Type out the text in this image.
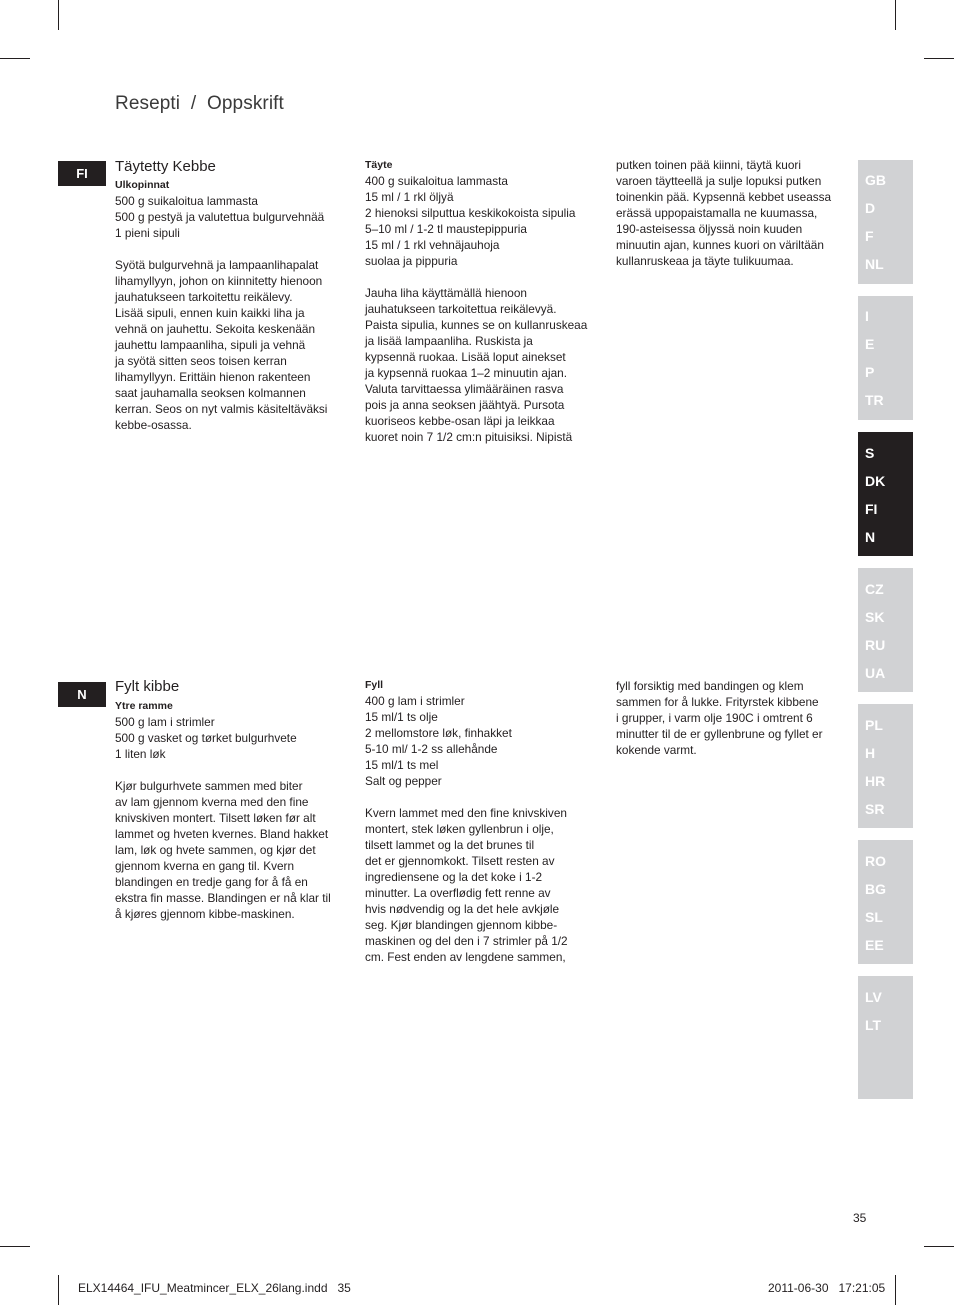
Resepti  /  Oppskrift
FI	Täytetty Kebbe
Ulkopinnat
500 g suikaloitua lammasta
500 g pestyä ja valutettua bulgurvehnää
1 pieni sipuli
Syötä bulgurvehnä ja lampaanlihapalat
lihamyllyyn, johon on kiinnitetty hienoon
jauhatukseen tarkoitettu reikälevy.
Lisää sipuli, ennen kuin kaikki liha ja
vehnä on jauhettu. Sekoita keskenään
jauhettu lampaanliha, sipuli ja vehnä
ja syötä sitten seos toisen kerran
lihamyllyyn. Erittäin hienon rakenteen
saat jauhamalla seoksen kolmannen
kerran. Seos on nyt valmis käsiteltäväksi
kebbe-osassa.
Täyte
400 g suikaloitua lammasta
15 ml / 1 rkl öljyä
2 hienoksi silputtua keskikokoista sipulia
5–10 ml / 1-2 tl maustepippuria
15 ml / 1 rkl vehnäjauhoja
suolaa ja pippuria
Jauha liha käyttämällä hienoon
jauhatukseen tarkoitettua reikälevyä.
Paista sipulia, kunnes se on kullanruskeaa
ja lisää lampaanliha. Ruskista ja
kypsennä ruokaa. Lisää loput ainekset
ja kypsennä ruokaa 1–2 minuutin ajan.
Valuta tarvittaessa ylimääräinen rasva
pois ja anna seoksen jäähtyä. Pursota
kuoriseos kebbe-osan läpi ja leikkaa
kuoret noin 7 1/2 cm:n pituisiksi. Nipistä
putken toinen pää kiinni, täytä kuori
varoen täytteellä ja sulje lopuksi putken
toinenkin pää. Kypsennä kebbet useassa
erässä uppopaistamalla ne kuumassa,
190-asteisessa öljyssä noin kuuden
minuutin ajan, kunnes kuori on väriltään
kullanruskeaa ja täyte tulikuumaa.
N	Fylt kibbe
Ytre ramme
500 g lam i strimler
500 g vasket og tørket bulgurhvete
1 liten løk
Kjør bulgurhvete sammen med biter
av lam gjennom kverna med den fine
knivskiven montert. Tilsett løken før alt
lammet og hveten kvernes. Bland hakket
lam, løk og hvete sammen, og kjør det
gjennom kverna en gang til. Kvern
blandingen en tredje gang for å få en
ekstra fin masse. Blandingen er nå klar til
å kjøres gjennom kibbe-maskinen.
Fyll
400 g lam i strimler
15 ml/1 ts olje
2 mellomstore løk, finhakket
5-10 ml/ 1-2 ss allehånde
15 ml/1 ts mel
Salt og pepper
Kvern lammet med den fine knivskiven
montert, stek løken gyllenbrun i olje,
tilsett lammet og la det brunes til
det er gjennomkokt. Tilsett resten av
ingrediensene og la det koke i 1-2
minutter. La overflødig fett renne av
hvis nødvendig og la det hele avkjøle
seg. Kjør blandingen gjennom kibbe-
maskinen og del den i 7 strimler på 1/2
cm. Fest enden av lengdene sammen,
fyll forsiktig med bandingen og klem
sammen for å lukke. Frityrstek kibbene
i grupper, i varm olje 190C i omtrent 6
minutter til de er gyllenbrune og fyllet er
kokende varmt.
GB
D
F
NL
I
E
P
TR
S
DK
FI
N
CZ
SK
RU
UA
PL
H
HR
SR
RO
BG
SL
EE
LV
LT
35
ELX14464_IFU_Meatmincer_ELX_26lang.indd   35	2011-06-30   17:21:05
